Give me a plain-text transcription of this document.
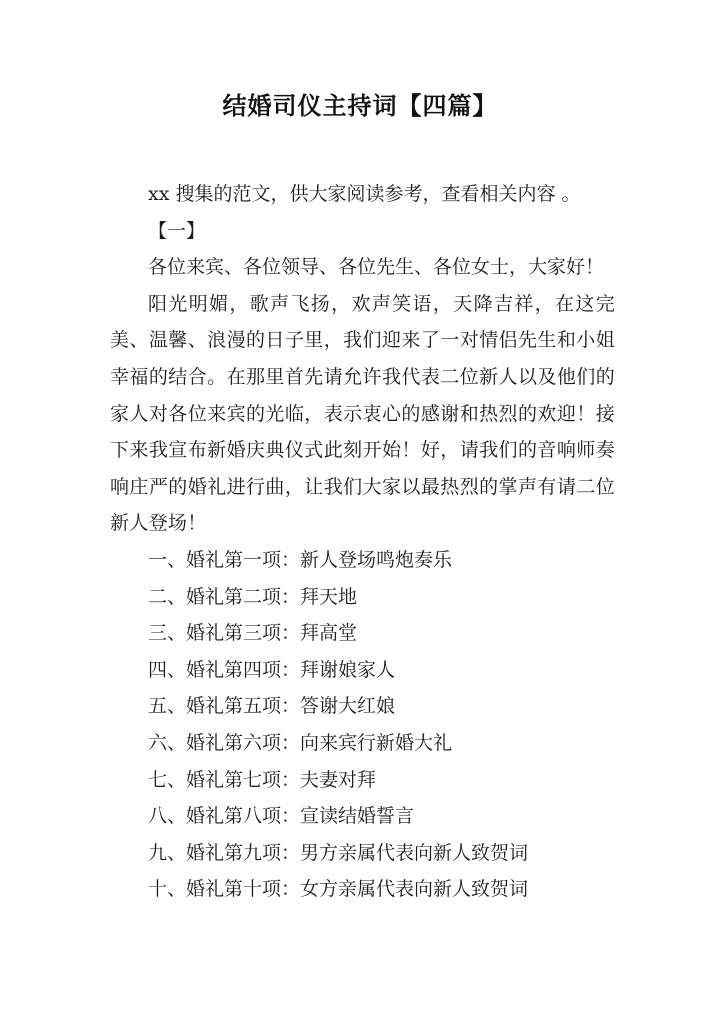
结婚司仪主持词【四篇】

xx 搜集的范文，供大家阅读参考，查看相关内容 。

【一】

各位来宾、各位领导、各位先生、各位女士，大家好！

阳光明媚，歌声飞扬，欢声笑语，天降吉祥，在这完美、温馨、浪漫的日子里，我们迎来了一对情侣先生和小姐幸福的结合。在那里首先请允许我代表二位新人以及他们的家人对各位来宾的光临，表示衷心的感谢和热烈的欢迎！接下来我宣布新婚庆典仪式此刻开始！好，请我们的音响师奏响庄严的婚礼进行曲，让我们大家以最热烈的掌声有请二位新人登场！

一、婚礼第一项：新人登场鸣炮奏乐
二、婚礼第二项：拜天地
三、婚礼第三项：拜高堂
四、婚礼第四项：拜谢娘家人
五、婚礼第五项：答谢大红娘
六、婚礼第六项：向来宾行新婚大礼
七、婚礼第七项：夫妻对拜
八、婚礼第八项：宣读结婚誓言
九、婚礼第九项：男方亲属代表向新人致贺词
十、婚礼第十项：女方亲属代表向新人致贺词
